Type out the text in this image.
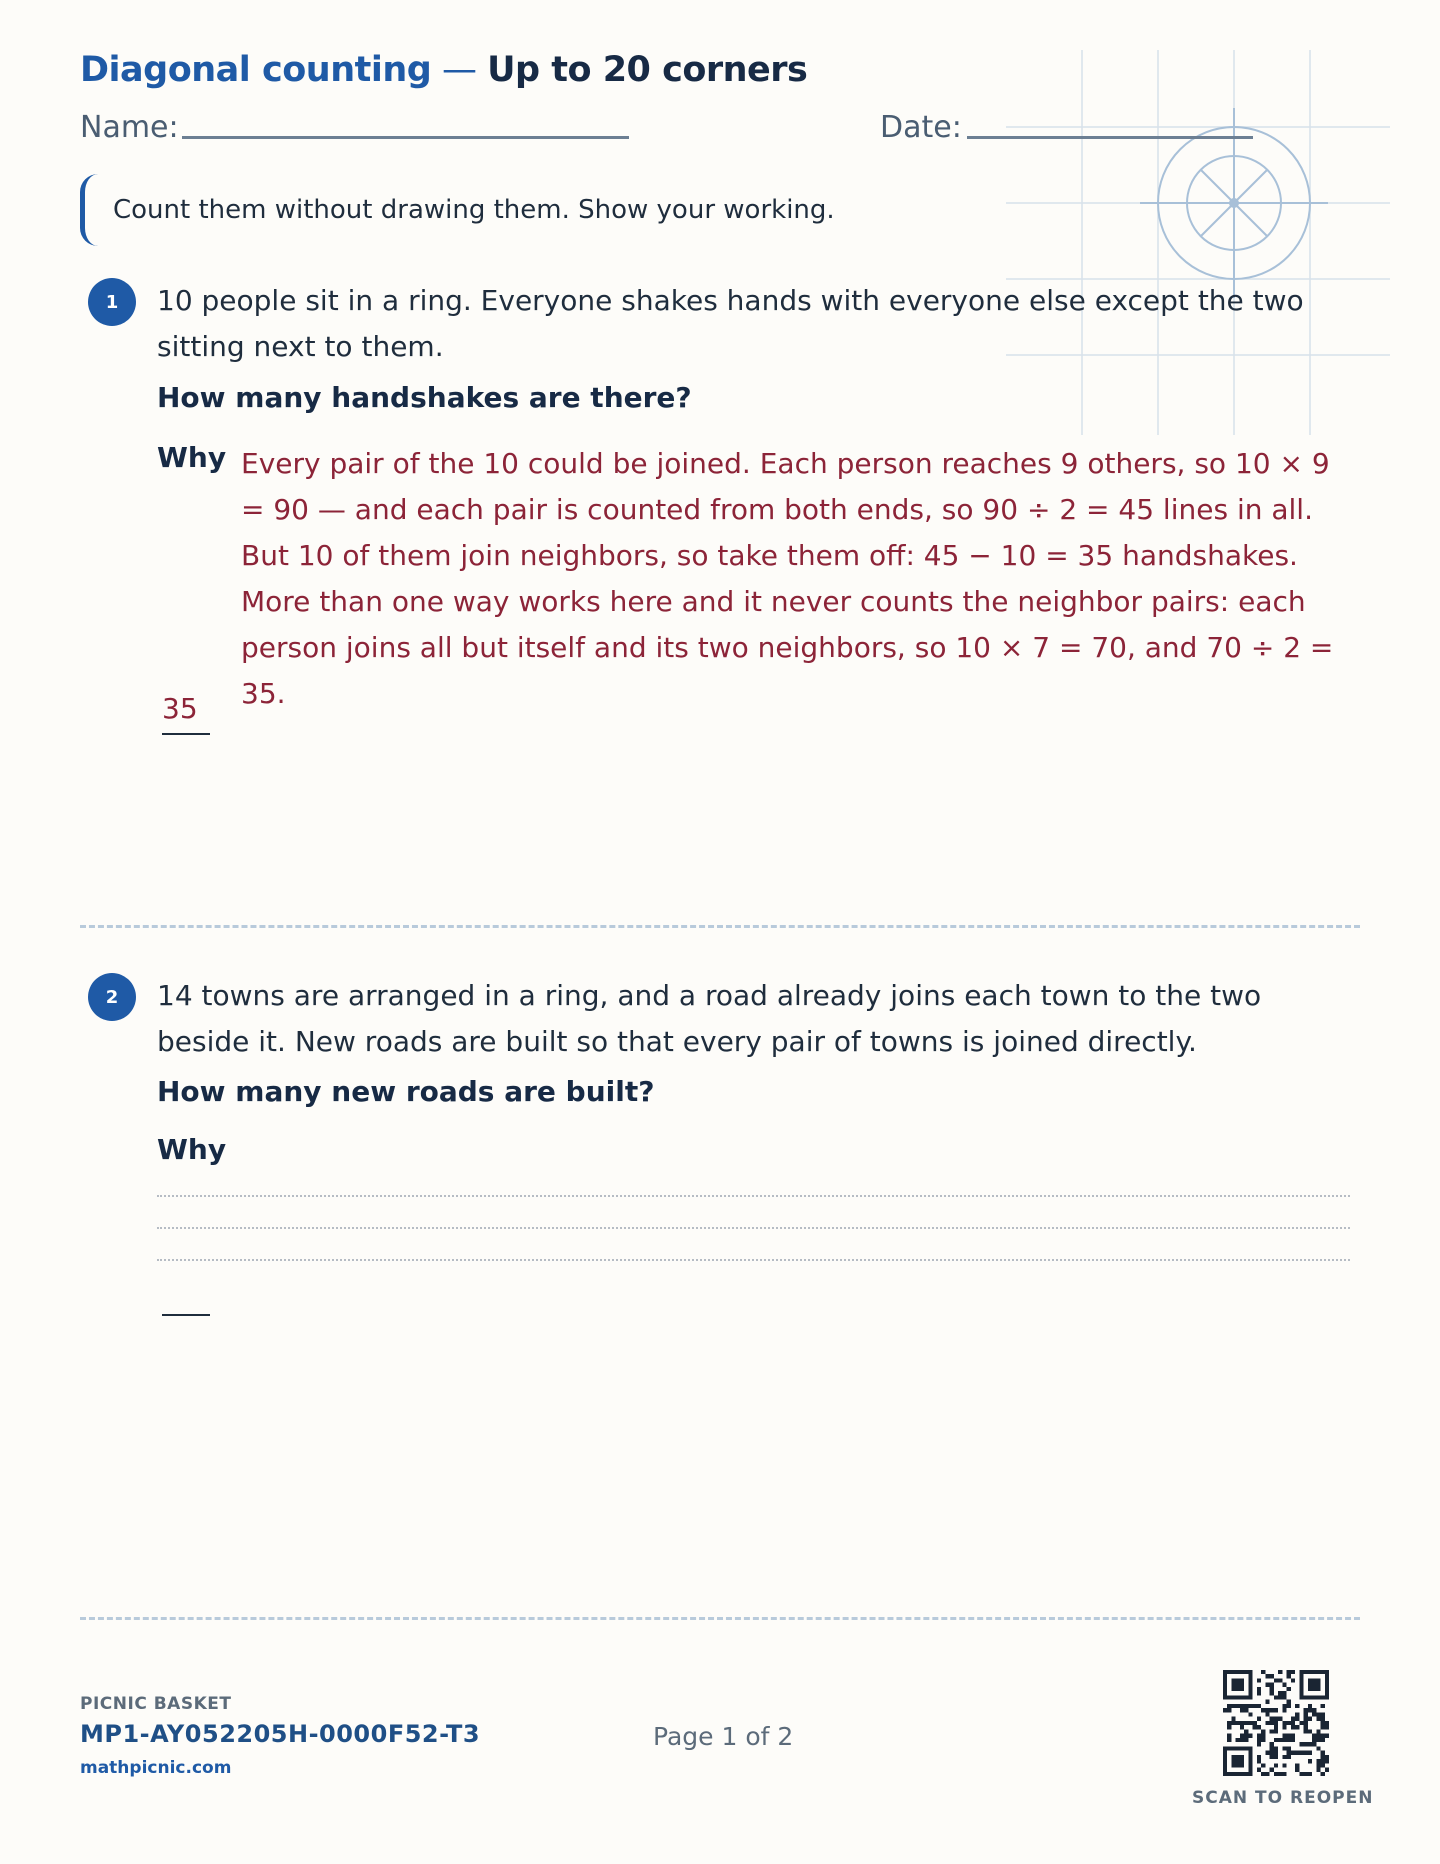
Diagonal counting — Up to 20 corners
Name:	Date:
Count them without drawing them. Show your working.
1	10 people sit in a ring. Everyone shakes hands with everyone else except the two sitting next to them.
How many handshakes are there?
Why Every pair of the 10 could be joined. Each person reaches 9 others, so 10 × 9 = 90 — and each pair is counted from both ends, so 90 ÷ 2 = 45 lines in all. But 10 of them join neighbors, so take them off: 45 − 10 = 35 handshakes. More than one way works here and it never counts the neighbor pairs: each person joins all but itself and its two neighbors, so 10 × 7 = 70, and 70 ÷ 2 = 35.
35
2	14 towns are arranged in a ring, and a road already joins each town to the two beside it. New roads are built so that every pair of towns is joined directly.
How many new roads are built?
Why
PICNIC BASKET
MP1-AY052205H-0000F52-T3
mathpicnic.com
Page 1 of 2
SCAN TO REOPEN
